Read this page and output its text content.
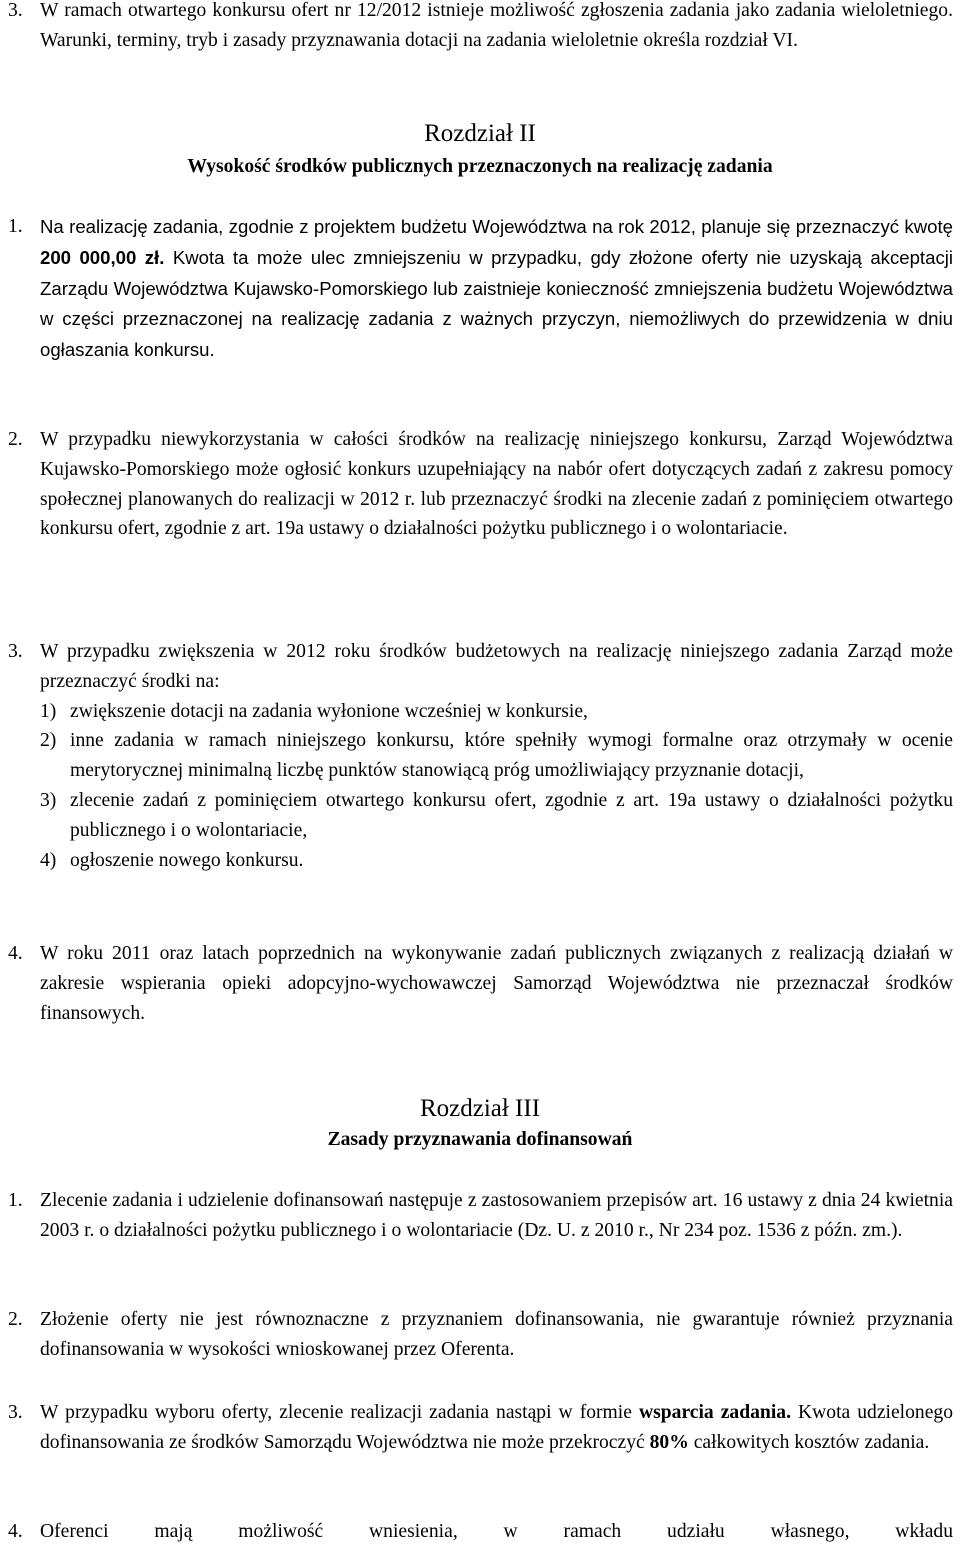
3. W ramach otwartego konkursu ofert nr 12/2012 istnieje możliwość zgłoszenia zadania jako zadania wieloletniego. Warunki, terminy, tryb i zasady przyznawania dotacji na zadania wieloletnie określa rozdział VI.
Rozdział II
Wysokość środków publicznych przeznaczonych na realizację zadania
1. Na realizację zadania, zgodnie z projektem budżetu Województwa na rok 2012, planuje się przeznaczyć kwotę 200 000,00 zł. Kwota ta może ulec zmniejszeniu w przypadku, gdy złożone oferty nie uzyskają akceptacji Zarządu Województwa Kujawsko-Pomorskiego lub zaistnieje konieczność zmniejszenia budżetu Województwa w części przeznaczonej na realizację zadania z ważnych przyczyn, niemożliwych do przewidzenia w dniu ogłaszania konkursu.
2. W przypadku niewykorzystania w całości środków na realizację niniejszego konkursu, Zarząd Województwa Kujawsko-Pomorskiego może ogłosić konkurs uzupełniający na nabór ofert dotyczących zadań z zakresu pomocy społecznej planowanych do realizacji w 2012 r. lub przeznaczyć środki na zlecenie zadań z pominięciem otwartego konkursu ofert, zgodnie z art. 19a ustawy o działalności pożytku publicznego i o wolontariacie.
3. W przypadku zwiększenia w 2012 roku środków budżetowych na realizację niniejszego zadania Zarząd może przeznaczyć środki na:
1) zwiększenie dotacji na zadania wyłonione wcześniej w konkursie,
2) inne zadania w ramach niniejszego konkursu, które spełniły wymogi formalne oraz otrzymały w ocenie merytorycznej minimalną liczbę punktów stanowiącą próg umożliwiający przyznanie dotacji,
3) zlecenie zadań z pominięciem otwartego konkursu ofert, zgodnie z art. 19a ustawy o działalności pożytku publicznego i o wolontariacie,
4) ogłoszenie nowego konkursu.
4. W roku 2011 oraz latach poprzednich na wykonywanie zadań publicznych związanych z realizacją działań w zakresie wspierania opieki adopcyjno-wychowawczej Samorząd Województwa nie przeznaczał środków finansowych.
Rozdział III
Zasady przyznawania dofinansowań
1. Zlecenie zadania i udzielenie dofinansowań następuje z zastosowaniem przepisów art. 16 ustawy z dnia 24 kwietnia 2003 r. o działalności pożytku publicznego i o wolontariacie (Dz. U. z 2010 r., Nr 234 poz. 1536 z późn. zm.).
2. Złożenie oferty nie jest równoznaczne z przyznaniem dofinansowania, nie gwarantuje również przyznania dofinansowania w wysokości wnioskowanej przez Oferenta.
3. W przypadku wyboru oferty, zlecenie realizacji zadania nastąpi w formie wsparcia zadania. Kwota udzielonego dofinansowania ze środków Samorządu Województwa nie może przekroczyć 80% całkowitych kosztów zadania.
4. Oferenci mają możliwość wniesienia, w ramach udziału własnego, wkładu
